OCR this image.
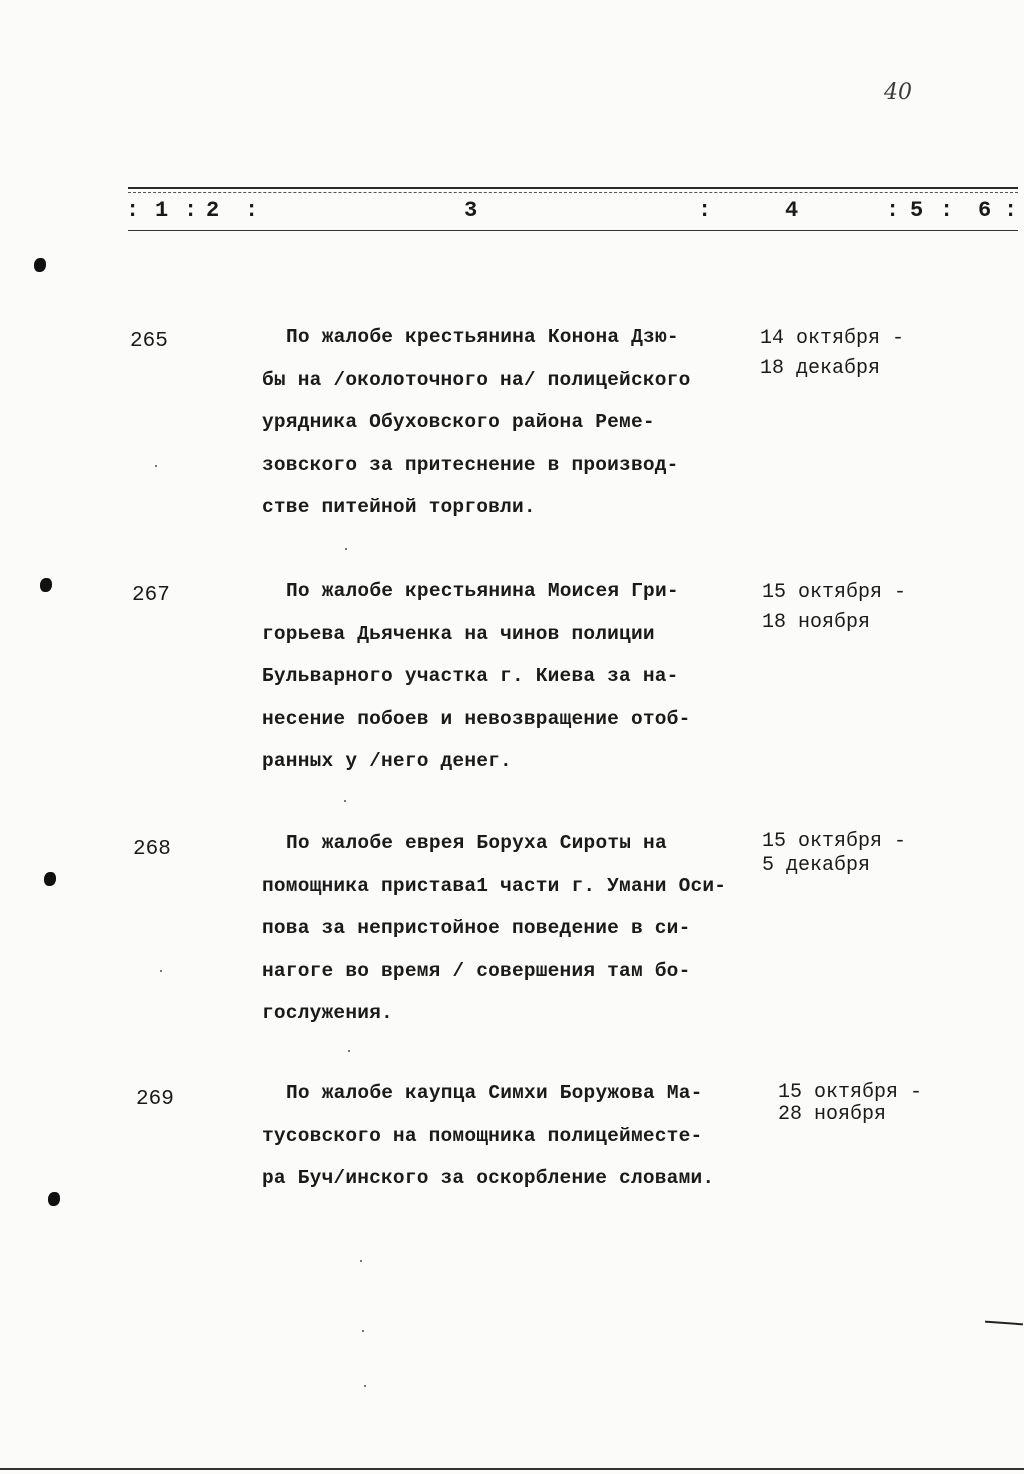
40
: 1 : 2 :	3	:	4	: 5 : 6 :
265	По жалобе крестьянина Конона Дзю-
бы на /околоточного на/ полицейского
урядника Обуховского района Реме-
зовского за притеснение в производ-
стве питейной торговли.
14 октября -
18 декабря
267	По жалобе крестьянина Моисея Гри-
горьева Дьяченка на чинов полиции
Бульварного участка г. Киева за на-
несение побоев и невозвращение отоб-
ранных у /него денег.
15 октября -
18 ноября
268	По жалобе еврея Боруха Сироты на
помощника пристава1 части г. Умани Оси-
пова за непристойное поведение в си-
нагоге во время / совершения там бо-
гослужения.
15 октября -
5 декабря
269	По жалобе каупца Симхи Боружова Ма-
тусовского на помощника полицейместе-
ра Буч/инского за оскорбление словами.
15 октября -
28 ноября
